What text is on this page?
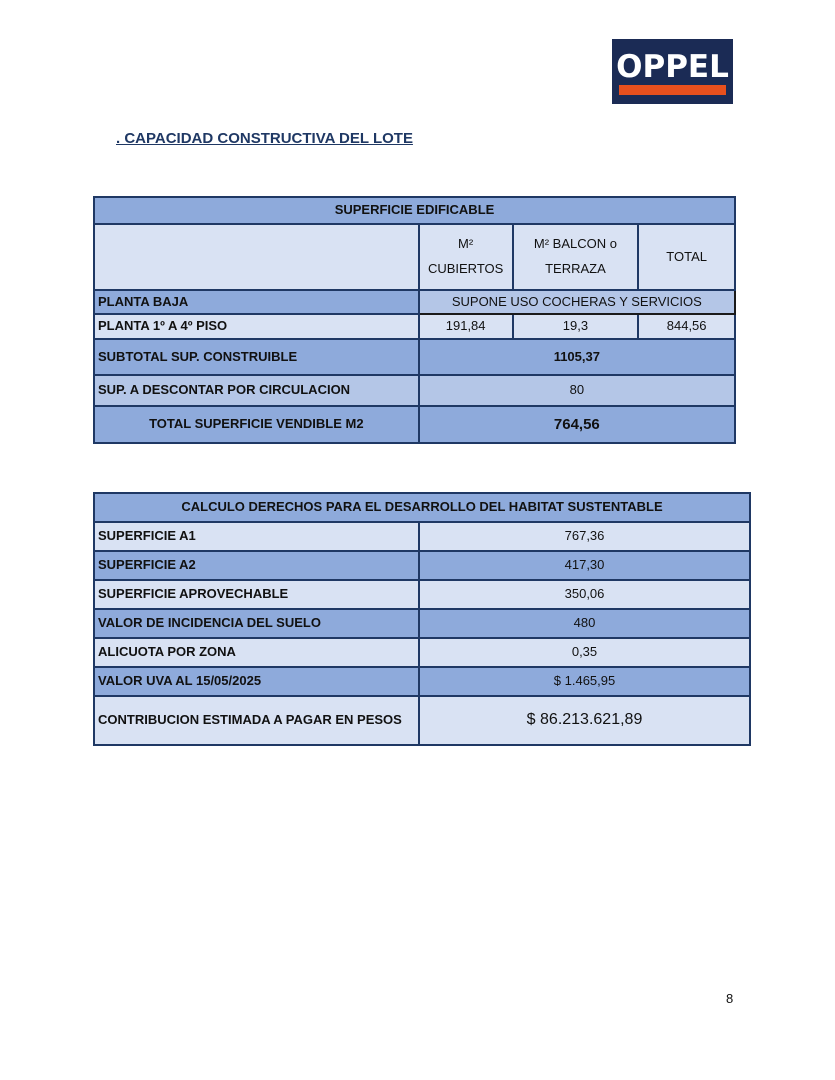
OPPEL
. CAPACIDAD CONSTRUCTIVA DEL LOTE
SUPERFICIE EDIFICABLE			
	M² CUBIERTOS	M² BALCON o TERRAZA	TOTAL
PLANTA BAJA	SUPONE USO COCHERAS Y SERVICIOS		
PLANTA 1º A 4º PISO	191,84	19,3	844,56
SUBTOTAL SUP. CONSTRUIBLE	1105,37		
SUP. A DESCONTAR POR CIRCULACION	80		
TOTAL SUPERFICIE VENDIBLE M2	764,56		
CALCULO DERECHOS PARA EL DESARROLLO DEL HABITAT SUSTENTABLE	
SUPERFICIE A1	767,36
SUPERFICIE A2	417,30
SUPERFICIE APROVECHABLE	350,06
VALOR DE INCIDENCIA DEL SUELO	480
ALICUOTA POR ZONA	0,35
VALOR UVA AL 15/05/2025	$ 1.465,95
CONTRIBUCION ESTIMADA A PAGAR EN PESOS	$ 86.213.621,89
8
